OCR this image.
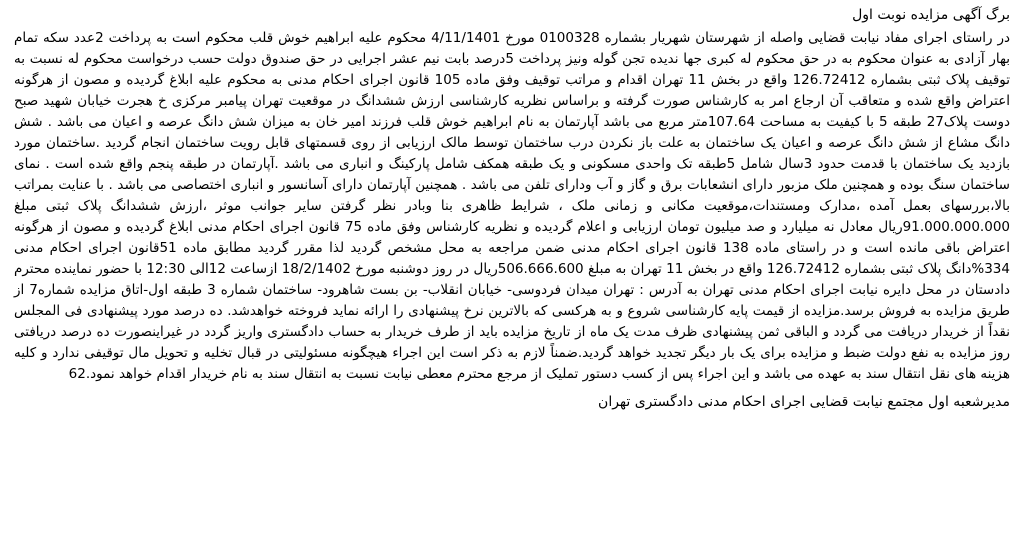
برگ آگهی مزایده نوبت اول

در راستای اجرای مفاد نیابت قضایی واصله از شهرستان شهریار بشماره 0100328 مورخ 4/11/1401 محکوم علیه ابراهیم خوش قلب محکوم است به پرداخت 2عدد سکه تمام بهار آزادی به عنوان محکوم به در حق محکوم له کبری جها ندیده تجن گوله ونیز پرداخت 5درصد بابت نیم عشر اجرایی در حق صندوق دولت حسب درخواست محکوم له نسبت به توقیف پلاک ثبتی بشماره 126.72412 واقع در بخش 11 تهران اقدام و مراتب توقیف وفق ماده 105 قانون اجرای احکام مدنی به محکوم علیه ابلاغ گردیده و مصون از هرگونه اعتراض واقع شده و متعاقب آن ارجاع امر به کارشناس صورت گرفته و براساس نظریه کارشناسی ارزش ششدانگ در موقعیت تهران پیامبر مرکزی خ هجرت خیابان شهید صبح دوست پلاک27 طبقه 5 با کیفیت به مساحت 107.64متر مربع می باشد آپارتمان به نام ابراهیم خوش قلب فرزند امیر خان به میزان شش دانگ عرصه و اعیان می باشد . شش دانگ مشاع از شش دانگ عرصه و اعیان یک ساختمان به علت باز نکردن درب ساختمان توسط مالک ارزیابی از روی قسمتهای قابل رویت ساختمان انجام گردید .ساختمان مورد بازدید یک ساختمان با قدمت حدود 3سال شامل 5طبقه تک واحدی مسکونی و یک طبقه همکف شامل پارکینگ و انباری می باشد .آپارتمان در طبقه پنجم واقع شده است . نمای ساختمان سنگ بوده و همچنین ملک مزبور دارای انشعابات برق و گاز و آب ودارای تلفن می باشد . همچنین آپارتمان دارای آسانسور و انباری اختصاصی می باشد . با عنایت بمراتب بالا،بررسهای بعمل آمده ،مدارک ومستندات،موقعیت مکانی و زمانی ملک ، شرایط ظاهری بنا وبادر نظر گرفتن سایر جوانب موثر ،ارزش ششدانگ پلاک ثبتی مبلغ 91.000.000.000ریال معادل نه میلیارد و صد میلیون تومان ارزیابی و اعلام گردیده و نظریه کارشناس وفق ماده 75 قانون اجرای احکام مدنی ابلاغ گردیده و مصون از هرگونه اعتراض باقی مانده است و در راستای ماده 138 قانون اجرای احکام مدنی ضمن مراجعه به محل مشخص گردید لذا مقرر گردید مطابق ماده 51قانون اجرای احکام مدنی 334%دانگ پلاک ثبتی بشماره 126.72412 واقع در بخش 11 تهران به مبلغ 506.666.600ریال در روز دوشنبه مورخ 18/2/1402 ازساعت 12الی 12:30 با حضور نماینده محترم دادستان در محل دایره نیابت اجرای احکام مدنی تهران به آدرس : تهران میدان فردوسی- خیابان انقلاب- بن بست شاهرود- ساختمان شماره 3 طبقه اول-اتاق مزایده شماره7 از طریق مزایده به فروش برسد.مزایده از قیمت پایه کارشناسی شروع و به هرکسی که بالاترین نرخ پیشنهادی را ارائه نماید فروخته خواهدشد. ده درصد مورد پیشنهادی فی المجلس نقداً از خریدار دریافت می گردد و الباقی ثمن پیشنهادی ظرف مدت یک ماه از تاریخ مزایده باید از طرف خریدار به حساب دادگستری واریز گردد در غیراینصورت ده درصد دریافتی روز مزایده به نفع دولت ضبط و مزایده برای یک بار دیگر تجدید خواهد گردید.ضمناً لازم به ذکر است این اجراء هیچگونه مسئولیتی در قبال تخلیه و تحویل مال توقیفی ندارد و کلیه هزینه های نقل انتقال سند به عهده می باشد و این اجراء پس از کسب دستور تملیک از مرجع محترم معطی نیابت نسبت به انتقال سند به نام خریدار اقدام خواهد نمود.62

مدیرشعبه اول مجتمع نیابت قضایی اجرای احکام مدنی دادگستری تهران
